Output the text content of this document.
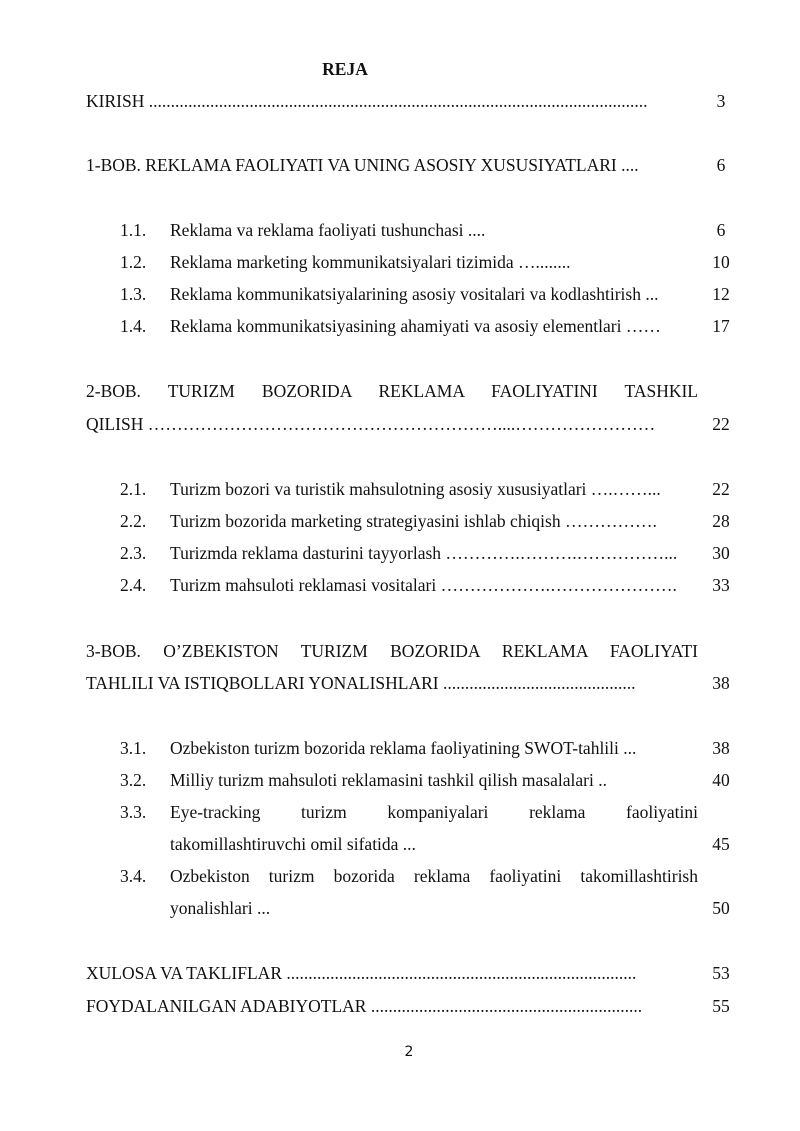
REJA
KIRISH ..................................................................................................................	3
1-BOB. REKLAMA FAOLIYATI VA UNING ASOSIY XUSUSIYATLARI ....	6
1.1. Reklama va reklama faoliyati tushunchasi ....	6
1.2. Reklama marketing kommunikatsiyalari tizimida …........	10
1.3. Reklama kommunikatsiyalarining asosiy vositalari va kodlashtirish ...	12
1.4. Reklama kommunikatsiyasining ahamiyati va asosiy elementlari ……	17
2-BOB. TURIZM BOZORIDA REKLAMA FAOLIYATINI TASHKIL
QILISH ……………………………………………………....……………………	22
2.1. Turizm bozori va turistik mahsulotning asosiy xususiyatlari ….……...	22
2.2. Turizm bozorida marketing strategiyasini ishlab chiqish …………….	28
2.3. Turizmda reklama dasturini tayyorlash ………….……….……………...	30
2.4. Turizm mahsuloti reklamasi vositalari ……………….………………….	33
3-BOB. O’ZBEKISTON TURIZM BOZORIDA REKLAMA FAOLIYATI
TAHLILI VA ISTIQBOLLARI YONALISHLARI ............................................	38
3.1. Ozbekiston turizm bozorida reklama faoliyatining SWOT-tahlili ...	38
3.2. Milliy turizm mahsuloti reklamasini tashkil qilish masalalari ..	40
3.3. Eye-tracking turizm kompaniyalari reklama faoliyatini
takomillashtiruvchi omil sifatida ...	45
3.4. Ozbekiston turizm bozorida reklama faoliyatini takomillashtirish
yonalishlari ...	50
XULOSA VA TAKLIFLAR ................................................................................	53
FOYDALANILGAN ADABIYOTLAR ..............................................................	55
2
